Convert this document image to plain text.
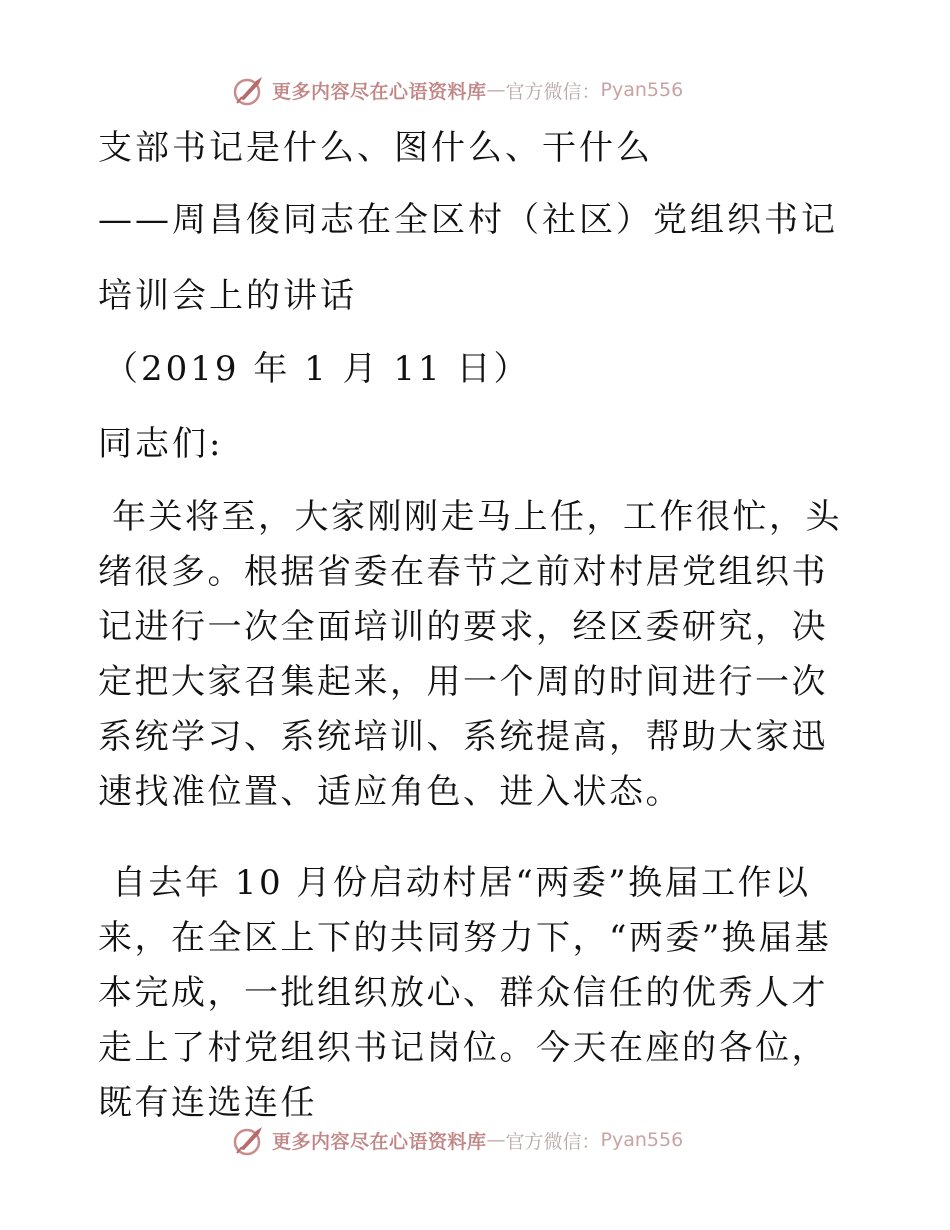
更多内容尽在心语资料库 — 官方微信： Pyan556
支部书记是什么、图什么、干什么
——周昌俊同志在全区村（社区）党组织书记
培训会上的讲话
（2019 年 1 月 11 日）
同志们:
年关将至，大家刚刚走马上任，工作很忙，头绪很多。根据省委在春节之前对村居党组织书记进行一次全面培训的要求，经区委研究，决定把大家召集起来，用一个周的时间进行一次系统学习、系统培训、系统提高，帮助大家迅速找准位置、适应角色、进入状态。
自去年 10 月份启动村居“两委”换届工作以来，在全区上下的共同努力下，“两委”换届基本完成，一批组织放心、群众信任的优秀人才走上了村党组织书记岗位。今天在座的各位，既有连选连任
更多内容尽在心语资料库 — 官方微信： Pyan556
